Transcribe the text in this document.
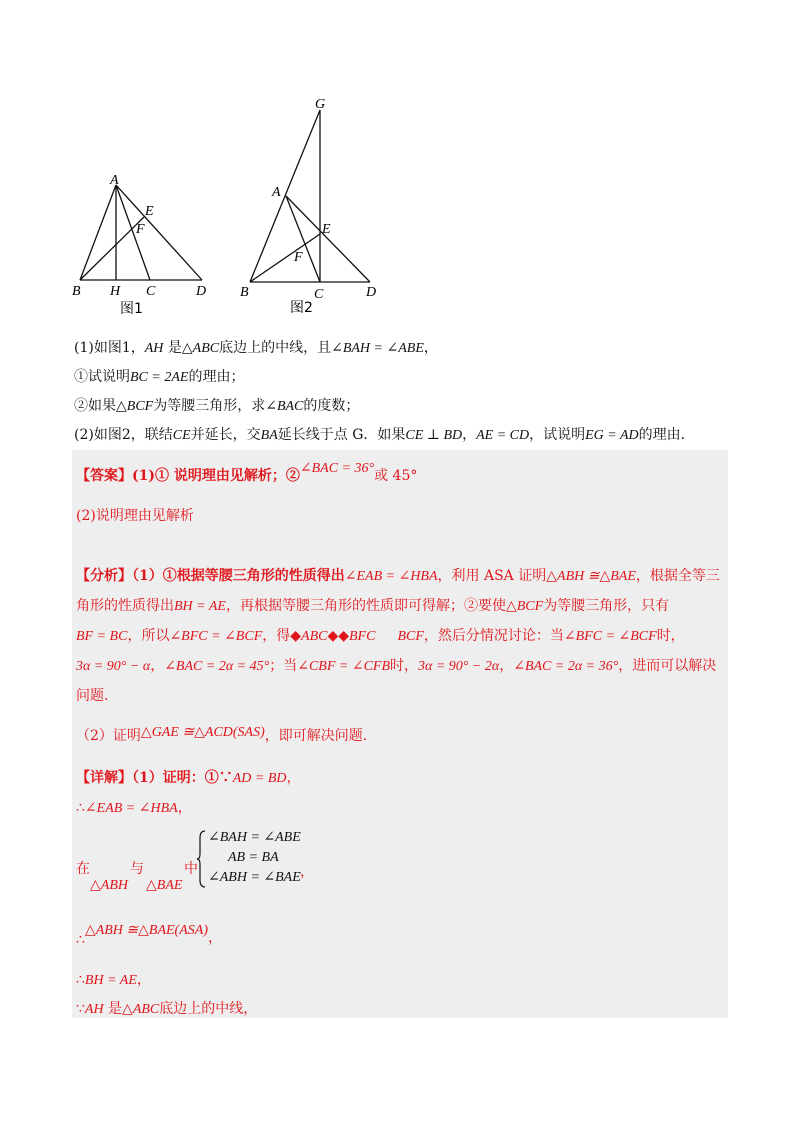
A
E
F
B H C	D
图1
G
A
E
F
B	C	D
图2
(1)如图1，AH 是△ABC底边上的中线，且∠BAH = ∠ABE，
①试说明BC = 2AE的理由；
②如果△BCF为等腰三角形，求∠BAC的度数；
(2)如图2，联结CE并延长，交BA延长线于点 G．如果CE ⊥ BD，AE = CD，试说明EG = AD的理由.
【答案】(1)① 说明理由见解析；②∠BAC = 36°或 45°
(2)说明理由见解析
【分析】（1）①根据等腰三角形的性质得出∠EAB = ∠HBA，利用 ASA 证明△ABH ≅△BAE，根据全等三
角形的性质得出BH = AE，再根据等腰三角形的性质即可得解；②要使△BCF为等腰三角形，只有
BF = BC，所以∠BFC = ∠BCF，得◆ABC◆◆BFC BCF，然后分情况讨论：当∠BFC = ∠BCF时，
3α = 90° − α，∠BAC = 2α = 45°；当∠CBF = ∠CFB时，3α = 90° − 2α，∠BAC = 2α = 36°，进而可以解决
问题.
（2）证明△GAE ≅△ACD(SAS)，即可解决问题.
【详解】（1）证明：①∵AD = BD，
∴∠EAB = ∠HBA，
在
△ABH
与
△BAE
中
∠BAH = ∠ABE
AB = BA
∠ABH = ∠BAE ，
∴△ABH ≅△BAE(ASA)，
∴BH = AE，
∵AH 是△ABC底边上的中线，
